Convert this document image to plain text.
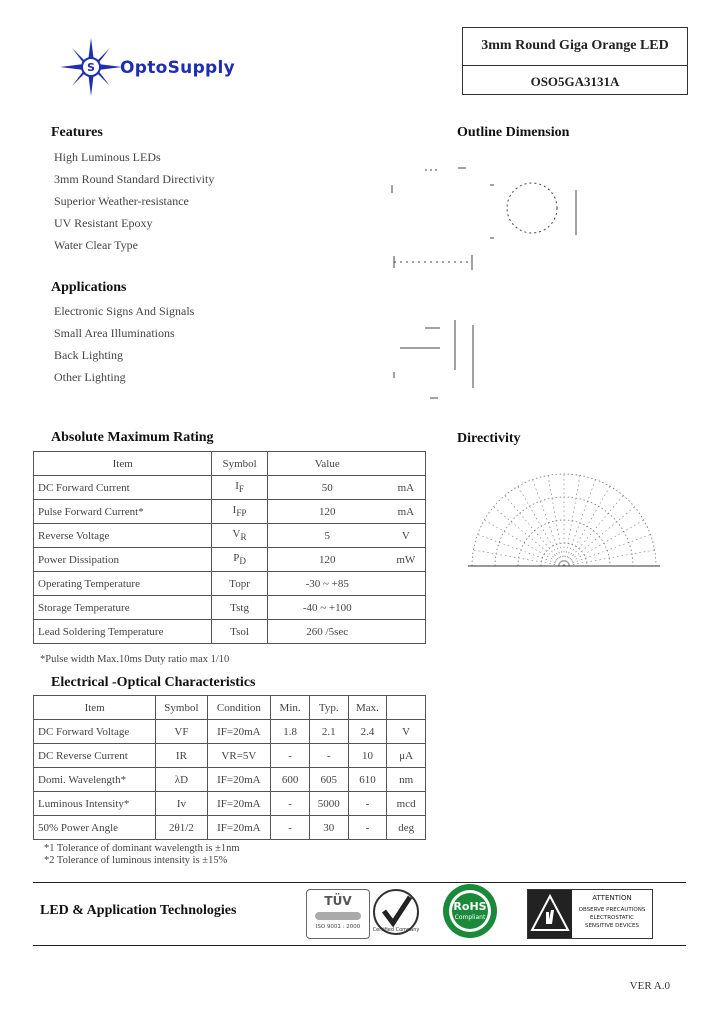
S OptoSupply
3mm Round Giga Orange LED
OSO5GA3131A
Features
High Luminous LEDs
3mm Round Standard Directivity
Superior Weather-resistance
UV Resistant Epoxy
Water Clear Type
Applications
Electronic Signs And Signals
Small Area Illuminations
Back Lighting
Other Lighting
Outline Dimension
Absolute Maximum Rating
Item	Symbol	Value	
DC Forward Current	$I_F$	50	mA
Pulse Forward Current*	$I_{FP}$	120	mA
Reverse Voltage	$V_R$	5	V
Power Dissipation	$P_D$	120	mW
Operating Temperature	Topr	-30 ~ +85	
Storage Temperature	Tstg	-40 ~ +100	
Lead Soldering Temperature	Tsol	260 /5sec	
*Pulse width Max.10ms Duty ratio max 1/10
Directivity
Electrical -Optical Characteristics
Item	Symbol	Condition	Min.	Typ.	Max.	
DC Forward Voltage	VF	IF=20mA	1.8	2.1	2.4	V
DC Reverse Current	IR	VR=5V	-	-	10	μA
Domi. Wavelength*	λD	IF=20mA	600	605	610	nm
Luminous Intensity*	Iv	IF=20mA	-	5000	-	mcd
50% Power Angle	2θ1/2	IF=20mA	-	30	-	deg
*1 Tolerance of dominant wavelength is ±1nm
*2 Tolerance of luminous intensity is ±15%
LED & Application Technologies
TÜV
ISO 9001 : 2000	Certified Company
RoHS
Compliant
ATTENTION
OBSERVE PRECAUTIONS
ELECTROSTATIC
SENSITIVE DEVICES
VER A.0
